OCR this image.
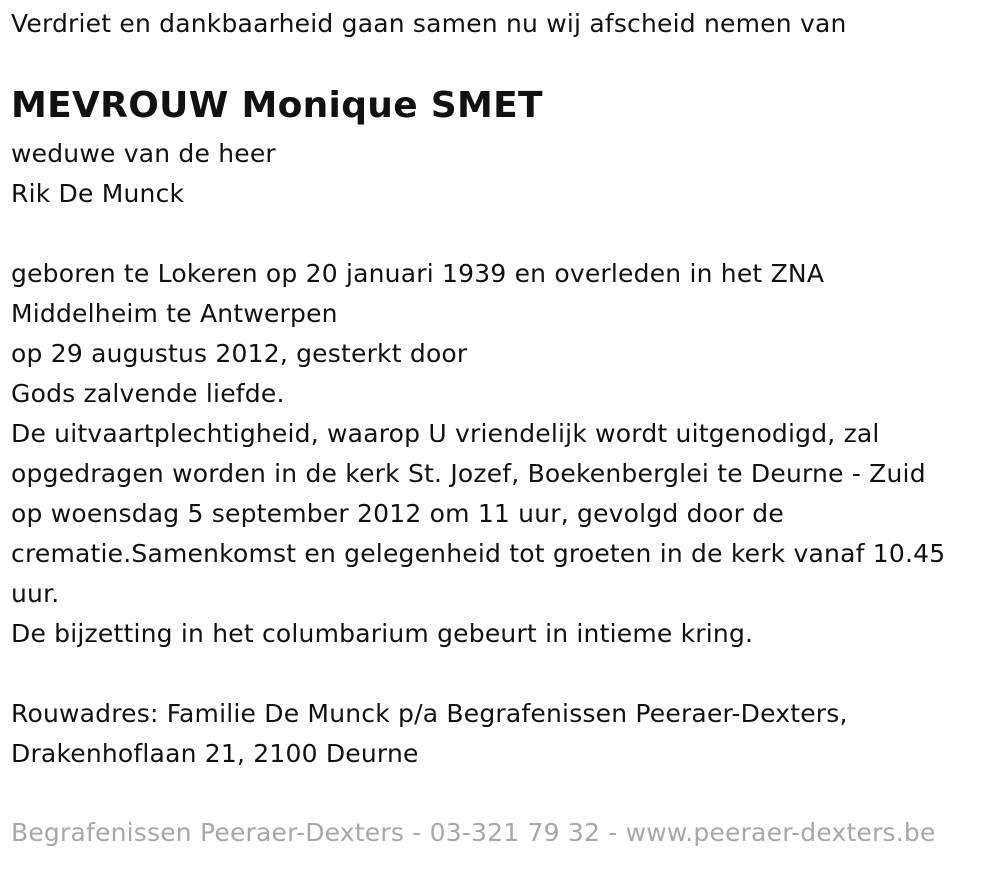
Verdriet en dankbaarheid gaan samen nu wij afscheid nemen van
MEVROUW Monique SMET
weduwe van de heer
Rik De Munck
geboren te Lokeren op 20 januari 1939 en overleden in het ZNA
Middelheim te Antwerpen
op 29 augustus 2012, gesterkt door
Gods zalvende liefde.
De uitvaartplechtigheid, waarop U vriendelijk wordt uitgenodigd, zal
opgedragen worden in de kerk St. Jozef, Boekenberglei te Deurne - Zuid
op woensdag 5 september 2012 om 11 uur, gevolgd door de
crematie.Samenkomst en gelegenheid tot groeten in de kerk vanaf 10.45
uur.
De bijzetting in het columbarium gebeurt in intieme kring.
Rouwadres: Familie De Munck p/a Begrafenissen Peeraer-Dexters,
Drakenhoflaan 21, 2100 Deurne
Begrafenissen Peeraer-Dexters - 03-321 79 32 - www.peeraer-dexters.be
